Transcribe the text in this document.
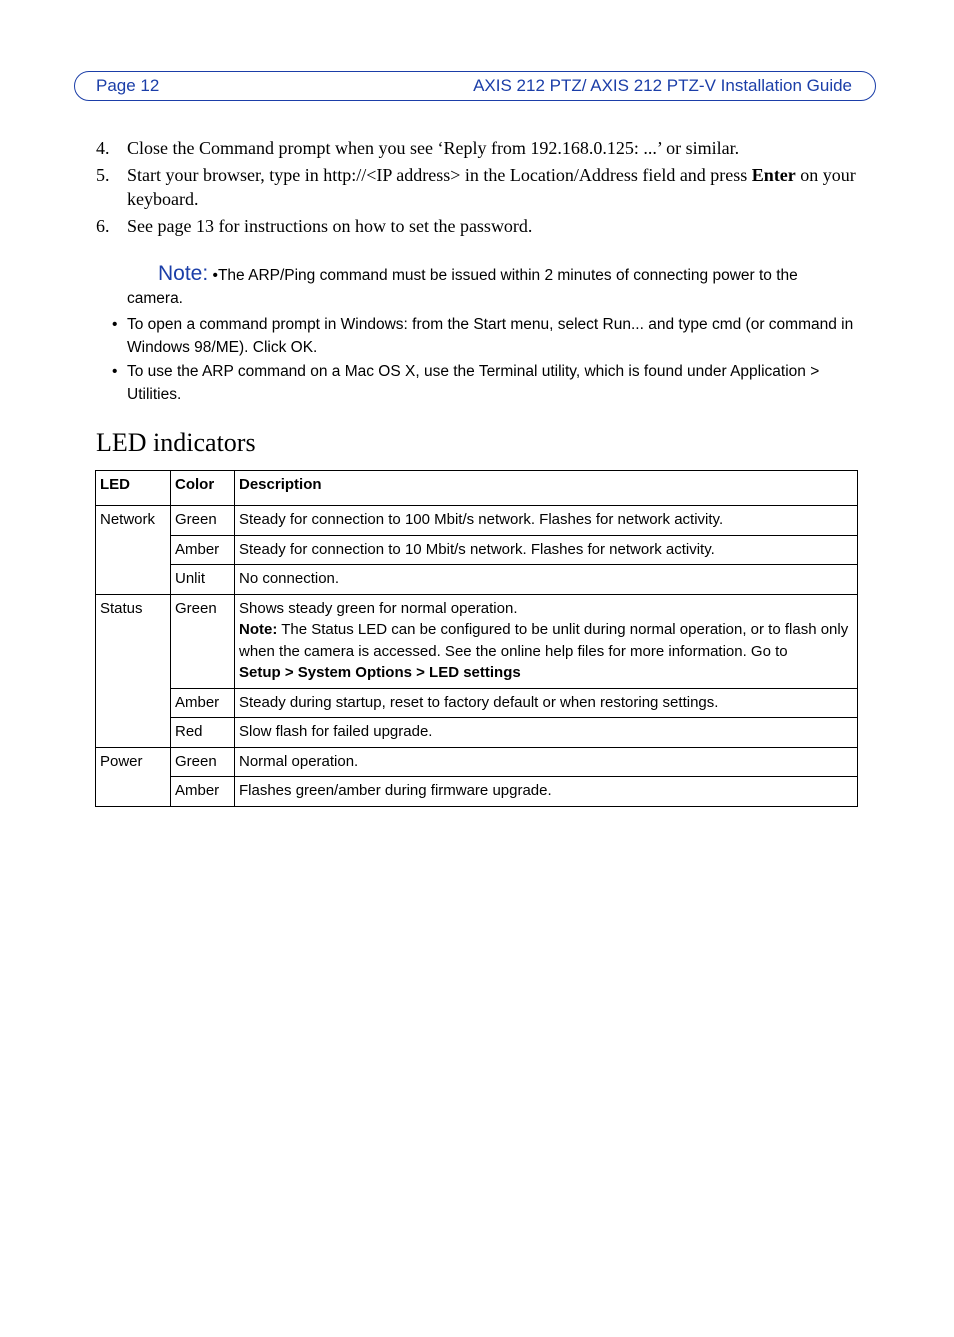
Page 12	AXIS 212 PTZ/ AXIS 212 PTZ-V Installation Guide
4. Close the Command prompt when you see ‘Reply from 192.168.0.125: ...’ or similar.
5. Start your browser, type in http://<IP address> in the Location/Address field and press Enter on your keyboard.
6. See page 13 for instructions on how to set the password.
Note: •The ARP/Ping command must be issued within 2 minutes of connecting power to the camera.
• To open a command prompt in Windows: from the Start menu, select Run... and type cmd (or command in Windows 98/ME). Click OK.
• To use the ARP command on a Mac OS X, use the Terminal utility, which is found under Application > Utilities.
LED indicators
LED	Color	Description
Network	Green	Steady for connection to 100 Mbit/s network. Flashes for network activity.
	Amber	Steady for connection to 10 Mbit/s network. Flashes for network activity.
	Unlit	No connection.
Status	Green	Shows steady green for normal operation.
Note: The Status LED can be configured to be unlit during normal operation, or to flash only when the camera is accessed. See the online help files for more information. Go to
Setup > System Options > LED settings
	Amber	Steady during startup, reset to factory default or when restoring settings.
	Red	Slow flash for failed upgrade.
Power	Green	Normal operation.
	Amber	Flashes green/amber during firmware upgrade.
